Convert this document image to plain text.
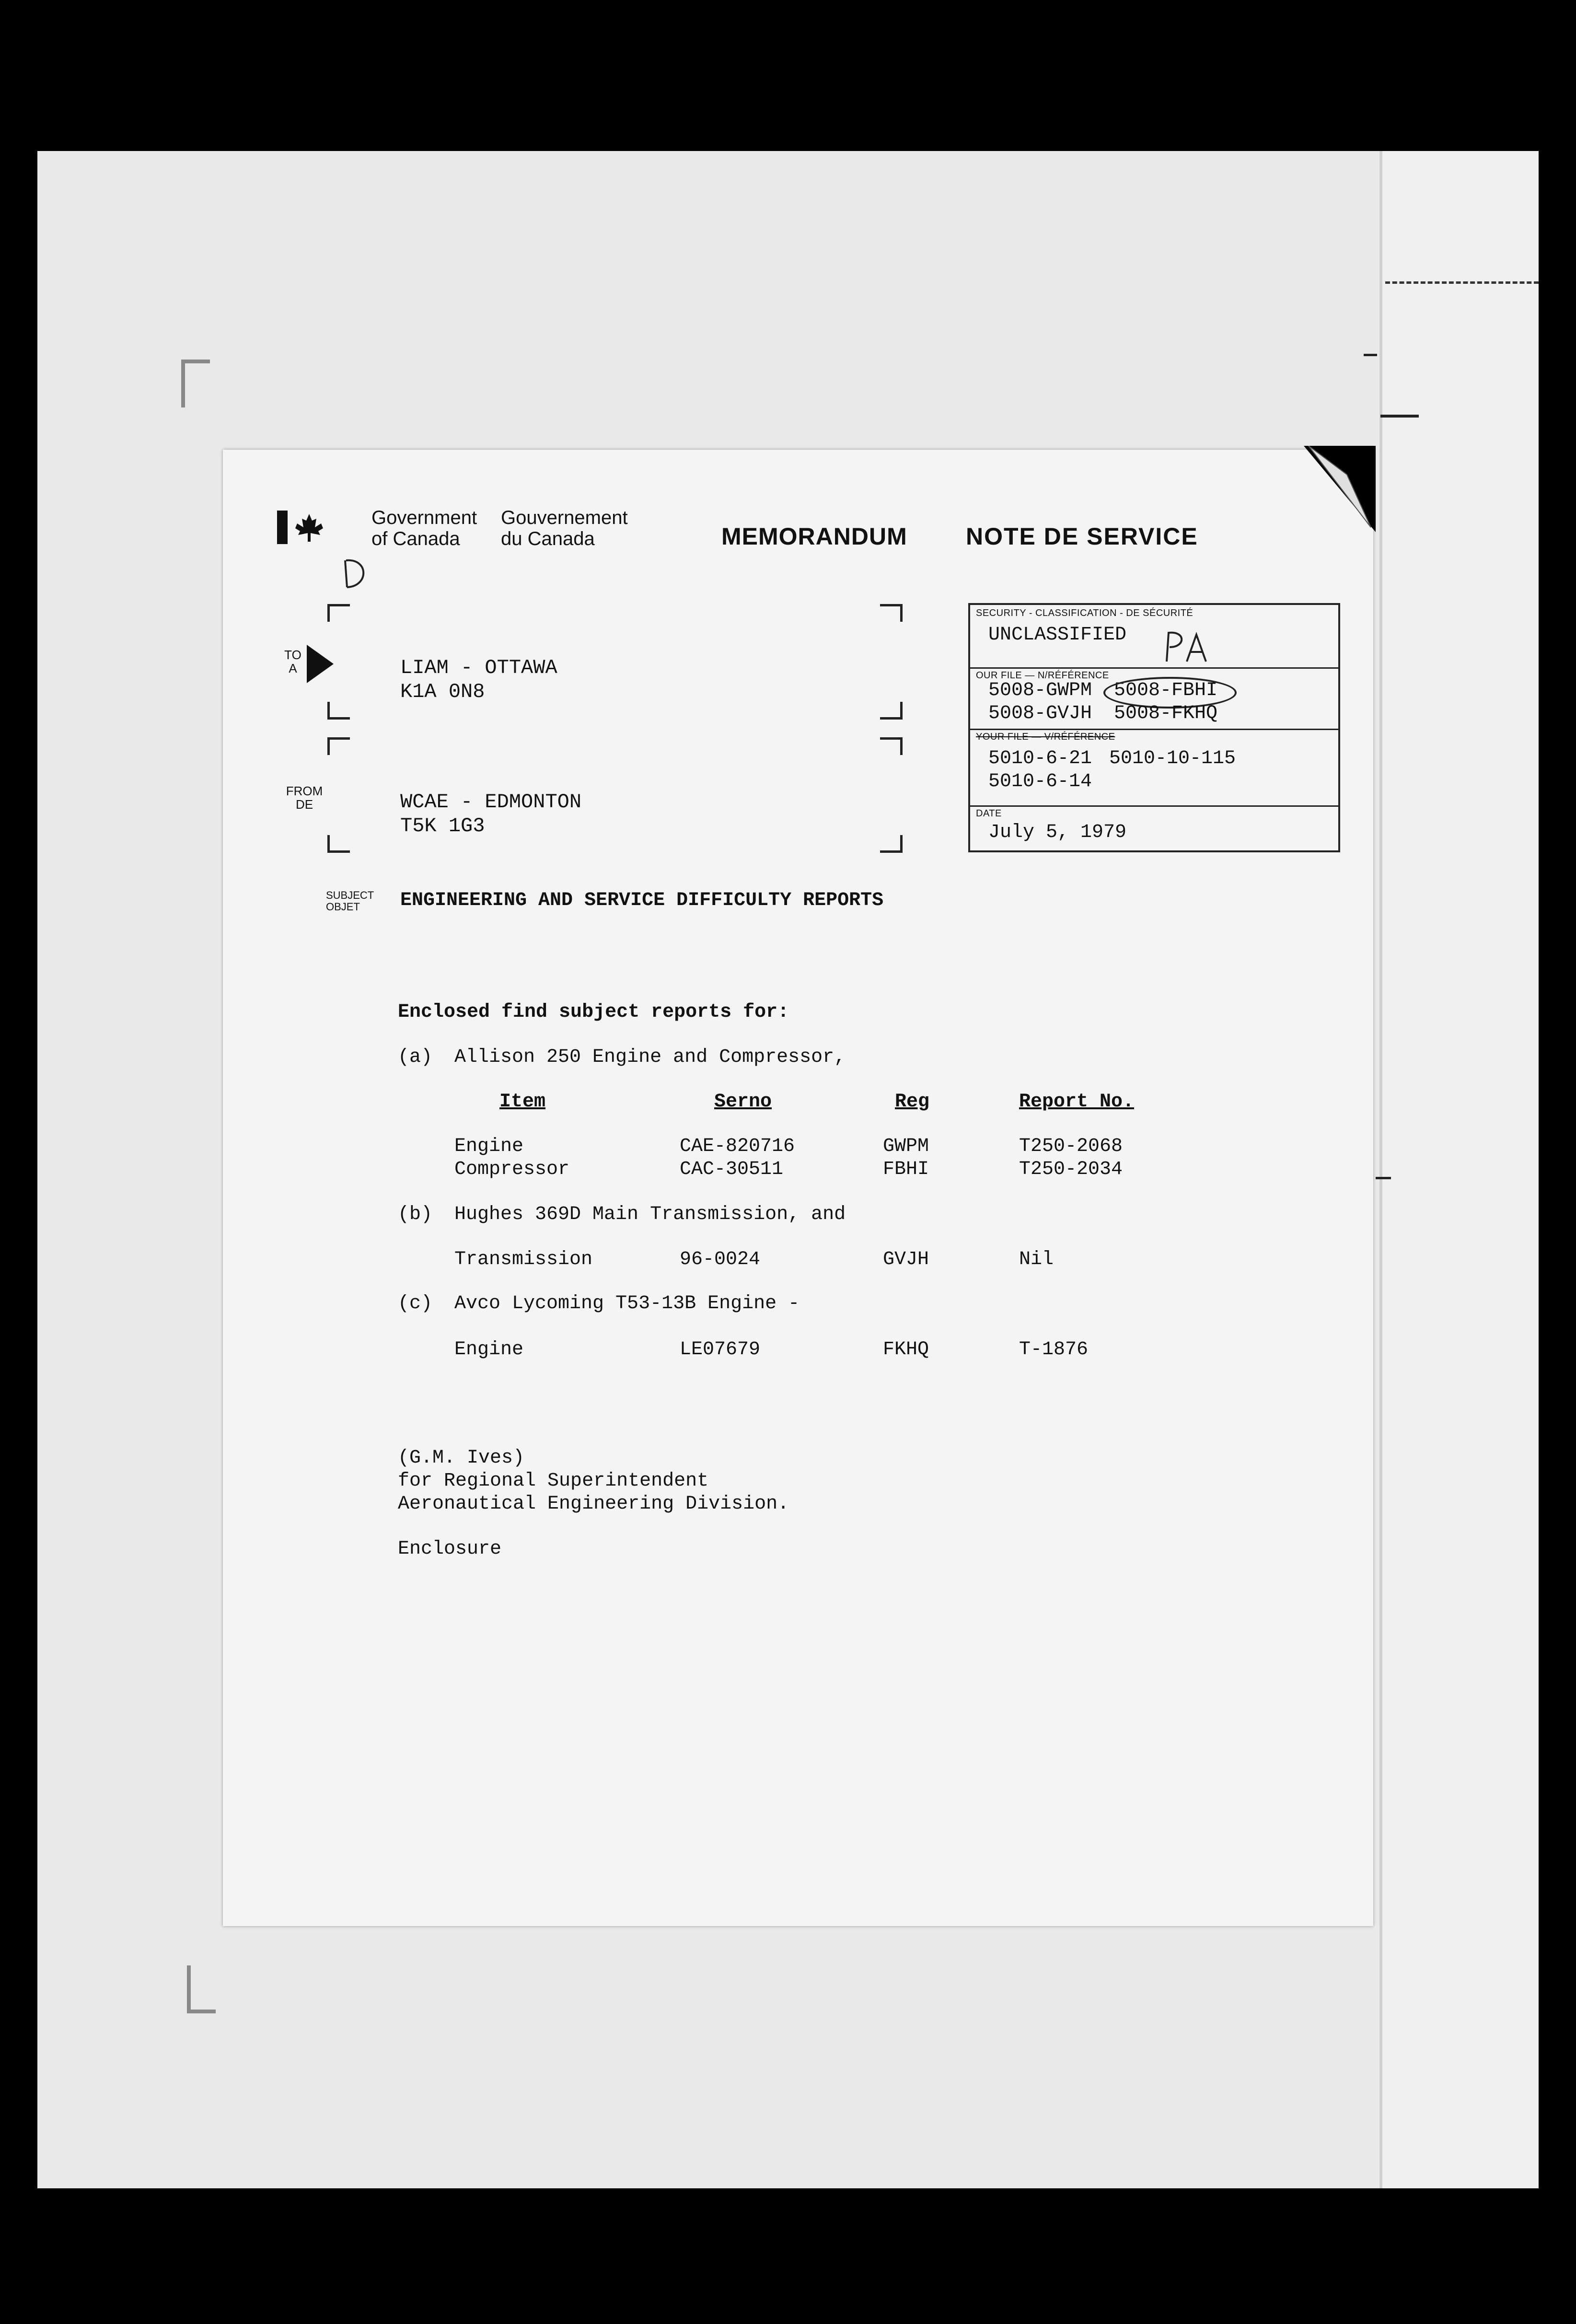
Government
of Canada
Gouvernement
du Canada	MEMORANDUM NOTE DE SERVICE
TO
A	LIAM - OTTAWA
K1A 0N8
FROM
DE	WCAE - EDMONTON
T5K 1G3
SECURITY - CLASSIFICATION - DE SÉCURITÉ
UNCLASSIFIED
OUR FILE — N/RÉFÉRENCE
5008-GWPM 5008-FBHI
5008-GVJH 5008-FKHQ
YOUR FILE — V/RÉFÉRENCE
5010-6-21 5010-10-115
5010-6-14
DATE
July 5, 1979
SUBJECT
OBJET	ENGINEERING AND SERVICE DIFFICULTY REPORTS
Enclosed find subject reports for:
(a) Allison 250 Engine and Compressor,
Item	Serno	Reg	Report No.
Engine	CAE-820716	GWPM	T250-2068
Compressor	CAC-30511	FBHI	T250-2034
(b) Hughes 369D Main Transmission, and
Transmission	96-0024	GVJH	Nil
(c) Avco Lycoming T53-13B Engine -
Engine	LE07679	FKHQ	T-1876
(G.M. Ives)
for Regional Superintendent
Aeronautical Engineering Division.
Enclosure
